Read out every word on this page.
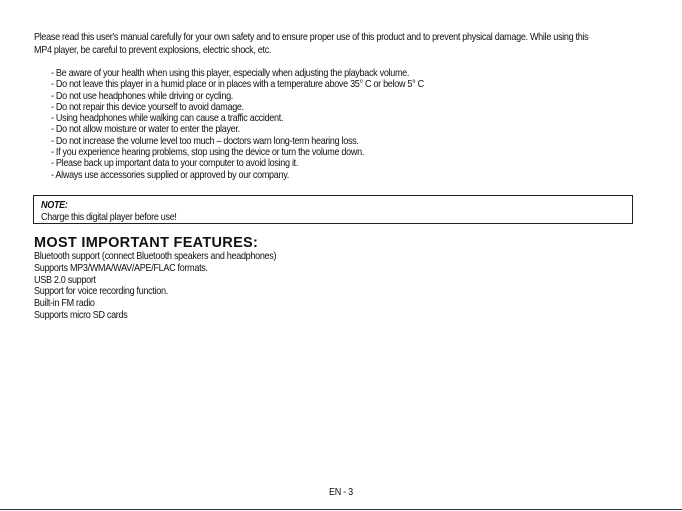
Please read this user's manual carefully for your own safety and to ensure proper use of this product and to prevent physical damage. While using this
MP4 player, be careful to prevent explosions, electric shock, etc.
- Be aware of your health when using this player, especially when adjusting the playback volume.
- Do not leave this player in a humid place or in places with a temperature above 35° C or below 5° C
- Do not use headphones while driving or cycling.
- Do not repair this device yourself to avoid damage.
- Using headphones while walking can cause a traffic accident.
- Do not allow moisture or water to enter the player.
- Do not increase the volume level too much – doctors warn long-term hearing loss.
- If you experience hearing problems, stop using the device or turn the volume down.
- Please back up important data to your computer to avoid losing it.
- Always use accessories supplied or approved by our company.
NOTE:
Charge this digital player before use!
MOST IMPORTANT FEATURES:
Bluetooth support (connect Bluetooth speakers and headphones)
Supports MP3/WMA/WAV/APE/FLAC formats.
USB 2.0 support
Support for voice recording function.
Built-in FM radio
Supports micro SD cards
EN - 3
